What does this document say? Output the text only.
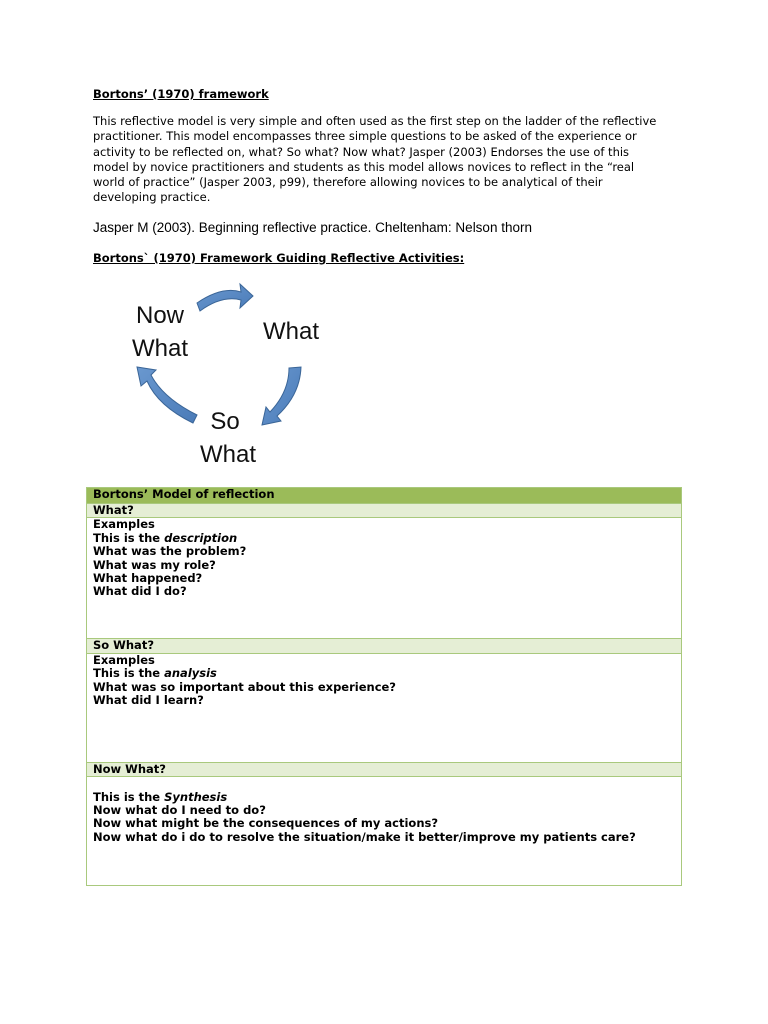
Bortons’ (1970) framework
This reflective model is very simple and often used as the first step on the ladder of the reflective
practitioner. This model encompasses three simple questions to be asked of the experience or
activity to be reflected on, what? So what? Now what? Jasper (2003) Endorses the use of this
model by novice practitioners and students as this model allows novices to reflect in the “real
world of practice” (Jasper 2003, p99), therefore allowing novices to be analytical of their
developing practice.
Jasper M (2003). Beginning reflective practice. Cheltenham: Nelson thorn
Bortons` (1970) Framework Guiding Reflective Activities:
Now
What
What
So
What
Bortons’ Model of reflection
What?

Examples
This is the description
What was the problem?
What was my role?
What happened?
What did I do?

So What?

Examples
This is the analysis
What was so important about this experience?
What did I learn?

Now What?

This is the Synthesis
Now what do I need to do?
Now what might be the consequences of my actions?
Now what do i do to resolve the situation/make it better/improve my patients care?
